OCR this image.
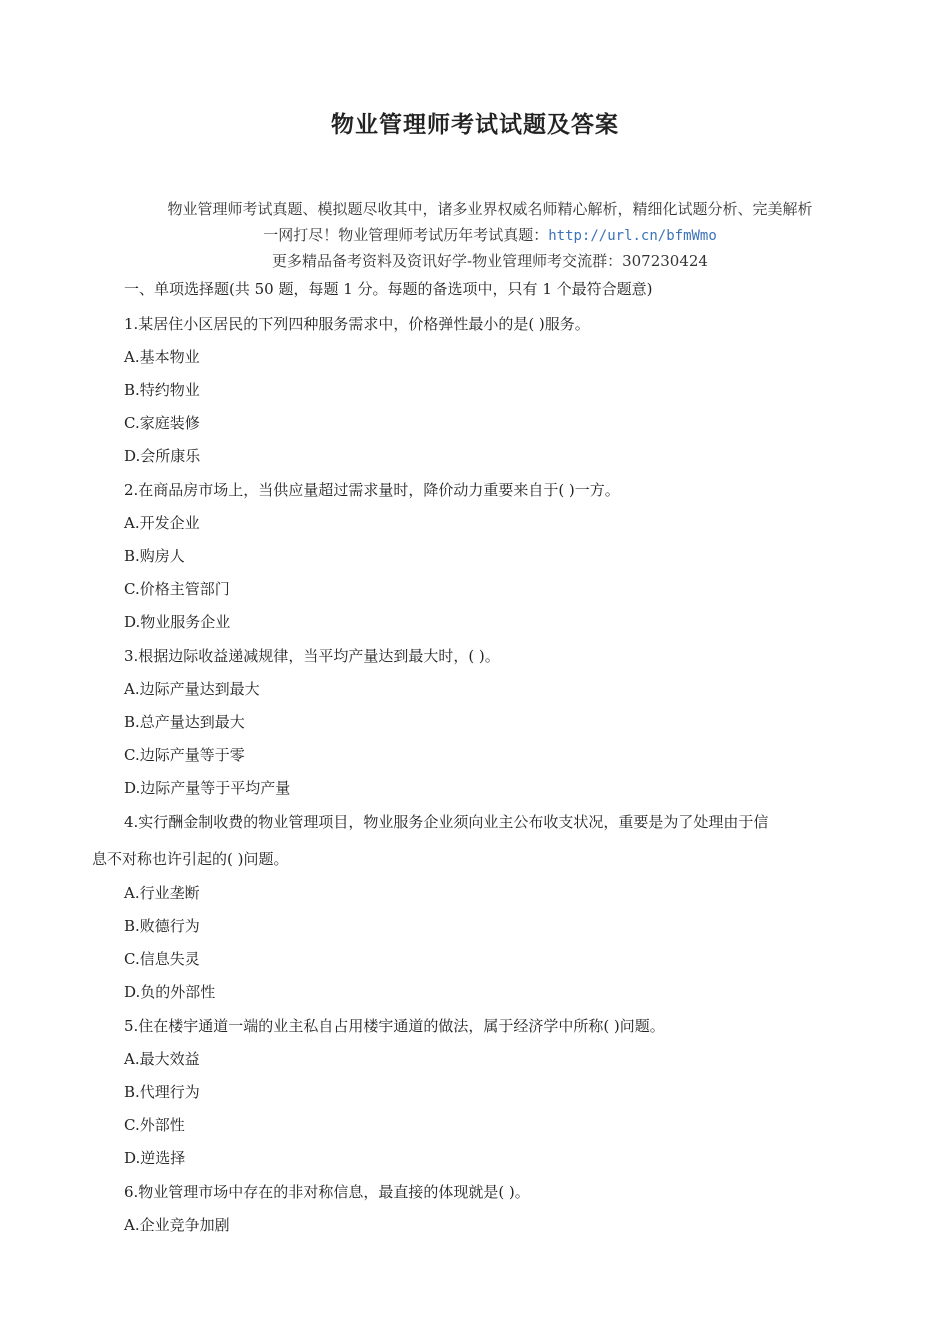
物业管理师考试试题及答案
物业管理师考试真题、模拟题尽收其中，诸多业界权威名师精心解析，精细化试题分析、完美解析
一网打尽！物业管理师考试历年考试真题：http://url.cn/bfmWmo
更多精品备考资料及资讯好学-物业管理师考交流群：307230424
一、单项选择题(共 50 题，每题 1 分。每题的备选项中，只有 1 个最符合题意)
1.某居住小区居民的下列四种服务需求中，价格弹性最小的是( )服务。
A.基本物业
B.特约物业
C.家庭装修
D.会所康乐
2.在商品房市场上，当供应量超过需求量时，降价动力重要来自于( )一方。
A.开发企业
B.购房人
C.价格主管部门
D.物业服务企业
3.根据边际收益递减规律，当平均产量达到最大时，( )。
A.边际产量达到最大
B.总产量达到最大
C.边际产量等于零
D.边际产量等于平均产量
4.实行酬金制收费的物业管理项目，物业服务企业须向业主公布收支状况，重要是为了处理由于信
息不对称也许引起的( )问题。
A.行业垄断
B.败德行为
C.信息失灵
D.负的外部性
5.住在楼宇通道一端的业主私自占用楼宇通道的做法，属于经济学中所称( )问题。
A.最大效益
B.代理行为
C.外部性
D.逆选择
6.物业管理市场中存在的非对称信息，最直接的体现就是( )。
A.企业竞争加剧
